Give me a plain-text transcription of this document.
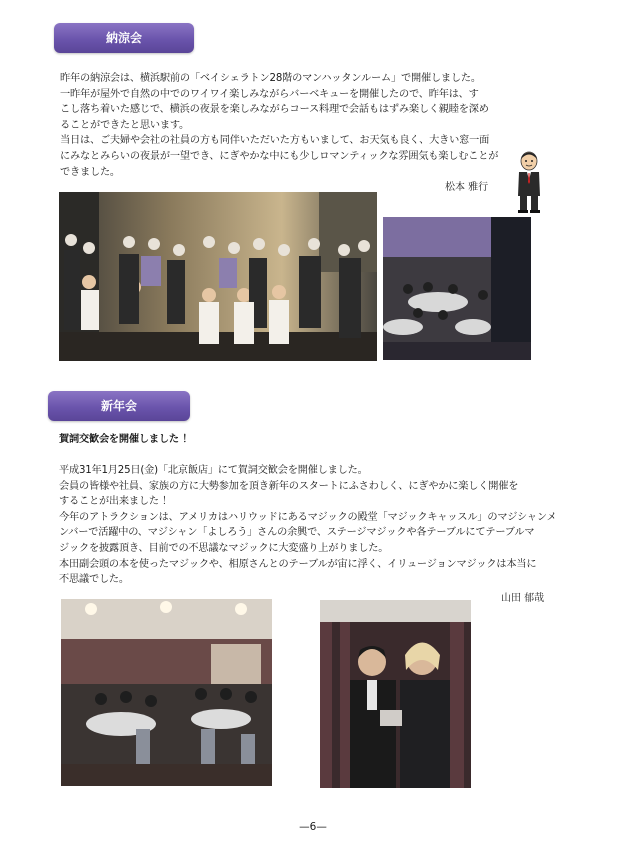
納涼会

昨年の納涼会は、横浜駅前の「ベイシェラトン28階のマンハッタンルーム」で開催しました。

一昨年が屋外で自然の中でのワイワイ楽しみながらバーベキューを開催したので、昨年は、す

こし落ち着いた感じで、横浜の夜景を楽しみながらコース料理で会話もはずみ楽しく親睦を深め

ることができたと思います。

当日は、ご夫婦や会社の社員の方も同伴いただいた方もいまして、お天気も良く、大きい窓一面

にみなとみらいの夜景が一望でき、にぎやかな中にも少しロマンティックな雰囲気も楽しむことが

できました。

松本 雅行
新年会

賀詞交歓会を開催しました ！

平成31年1月25日(金)「北京飯店」にて賀詞交歓会を開催しました。

会員の皆様や社員、家族の方に大勢参加を頂き新年のスタートにふさわしく、にぎやかに楽しく開催を

することが出来ました ！

今年のアトラクションは、アメリカはハリウッドにあるマジックの殿堂「マジックキャッスル」のマジシャンメ

ンバーで活躍中の、マジシャン「よしろう」さんの余興で、ステージマジックや各テーブルにてテーブルマ

ジックを披露頂き、目前での不思議なマジックに大変盛り上がりました。

本田副会頭の本を使ったマジックや、相原さんとのテーブルが宙に浮く、イリュージョンマジックは本当に

不思議でした。

山田 郁哉
—6—
